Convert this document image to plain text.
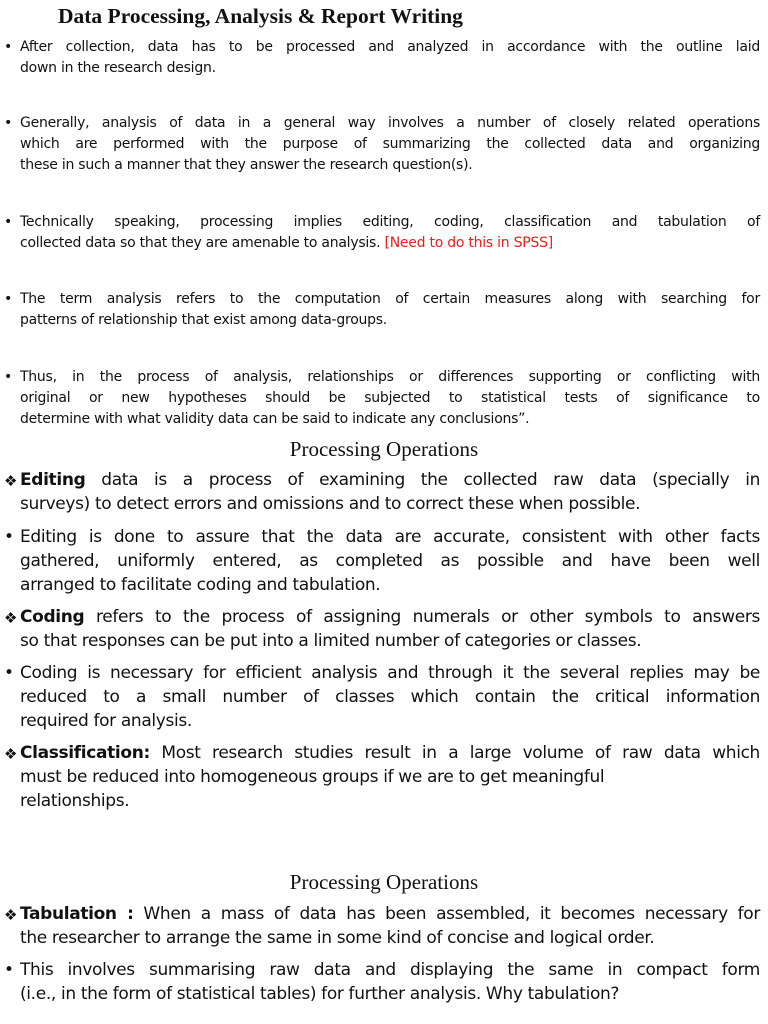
Data Processing, Analysis & Report Writing
• After collection, data has to be processed and analyzed in accordance with the outline laid
down in the research design.
• Generally, analysis of data in a general way involves a number of closely related operations
which are performed with the purpose of summarizing the collected data and organizing
these in such a manner that they answer the research question(s).
• Technically speaking, processing implies editing, coding, classification and tabulation of
collected data so that they are amenable to analysis. [Need to do this in SPSS]
• The term analysis refers to the computation of certain measures along with searching for
patterns of relationship that exist among data-groups.
• Thus, in the process of analysis, relationships or differences supporting or conflicting with
original or new hypotheses should be subjected to statistical tests of significance to
determine with what validity data can be said to indicate any conclusions”.
Processing Operations
❖ Editing data is a process of examining the collected raw data (specially in
surveys) to detect errors and omissions and to correct these when possible.
• Editing is done to assure that the data are accurate, consistent with other facts
gathered, uniformly entered, as completed as possible and have been well
arranged to facilitate coding and tabulation.
❖ Coding refers to the process of assigning numerals or other symbols to answers
so that responses can be put into a limited number of categories or classes.
• Coding is necessary for efficient analysis and through it the several replies may be
reduced to a small number of classes which contain the critical information
required for analysis.
❖ Classification: Most research studies result in a large volume of raw data which
must be reduced into homogeneous groups if we are to get meaningful
relationships.
Processing Operations
❖ Tabulation : When a mass of data has been assembled, it becomes necessary for
the researcher to arrange the same in some kind of concise and logical order.
• This involves summarising raw data and displaying the same in compact form
(i.e., in the form of statistical tables) for further analysis. Why tabulation?
